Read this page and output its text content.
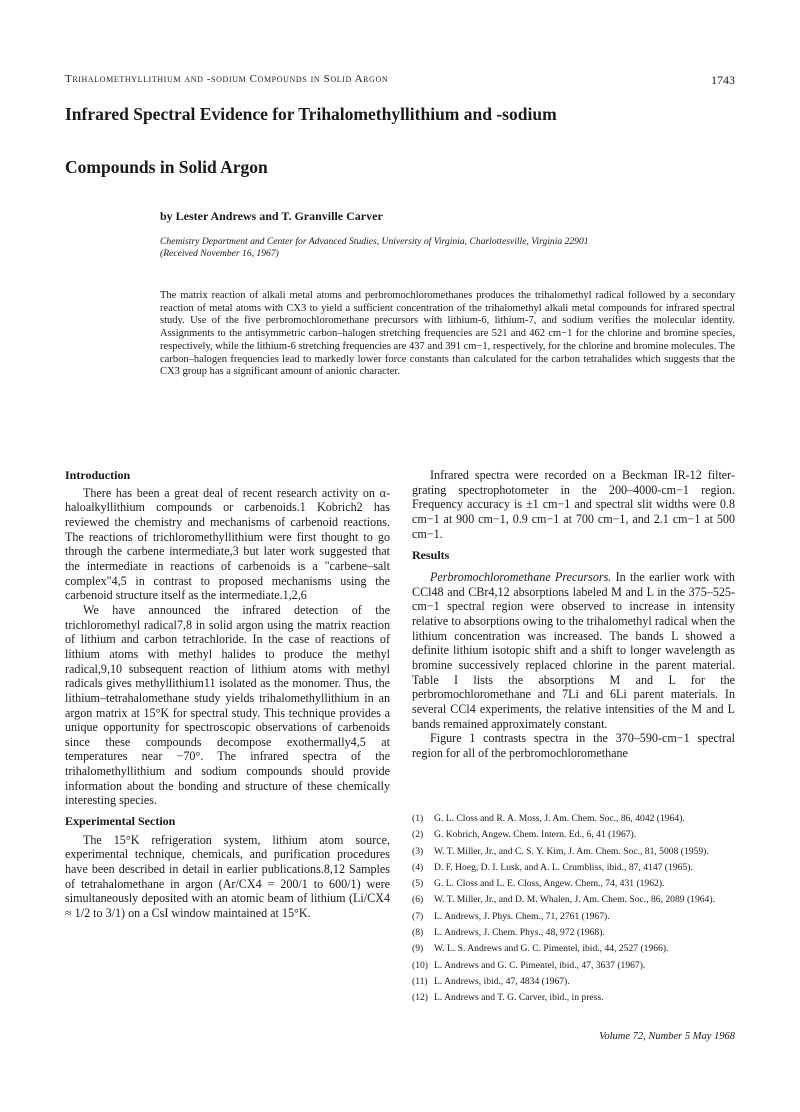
Trihalomethyllithium and -sodium Compounds in Solid Argon	1743
Infrared Spectral Evidence for Trihalomethyllithium and -sodium
Compounds in Solid Argon
by Lester Andrews and T. Granville Carver
Chemistry Department and Center for Advanced Studies, University of Virginia, Charlottesville, Virginia 22901
(Received November 16, 1967)
The matrix reaction of alkali metal atoms and perbromochloromethanes produces the trihalomethyl radical followed by a secondary reaction of metal atoms with CX3 to yield a sufficient concentration of the trihalomethyl alkali metal compounds for infrared spectral study. Use of the five perbromochloromethane precursors with lithium-6, lithium-7, and sodium verifies the molecular identity. Assignments to the antisymmetric carbon–halogen stretching frequencies are 521 and 462 cm−1 for the chlorine and bromine species, respectively, while the lithium-6 stretching frequencies are 437 and 391 cm−1, respectively, for the chlorine and bromine molecules. The carbon–halogen frequencies lead to markedly lower force constants than calculated for the carbon tetrahalides which suggests that the CX3 group has a significant amount of anionic character.
Introduction

There has been a great deal of recent research activity on α-haloalkyllithium compounds or carbenoids.1 Kobrich2 has reviewed the chemistry and mechanisms of carbenoid reactions. The reactions of trichloromethyllithium were first thought to go through the carbene intermediate,3 but later work suggested that the intermediate in reactions of carbenoids is a "carbene–salt complex"4,5 in contrast to proposed mechanisms using the carbenoid structure itself as the intermediate.1,2,6

We have announced the infrared detection of the trichloromethyl radical7,8 in solid argon using the matrix reaction of lithium and carbon tetrachloride. In the case of reactions of lithium atoms with methyl halides to produce the methyl radical,9,10 subsequent reaction of lithium atoms with methyl radicals gives methyllithium11 isolated as the monomer. Thus, the lithium–tetrahalomethane study yields trihalomethyllithium in an argon matrix at 15°K for spectral study. This technique provides a unique opportunity for spectroscopic observations of carbenoids since these compounds decompose exothermally4,5 at temperatures near −70°. The infrared spectra of the trihalomethyllithium and sodium compounds should provide information about the bonding and structure of these chemically interesting species.

Experimental Section

The 15°K refrigeration system, lithium atom source, experimental technique, chemicals, and purification procedures have been described in detail in earlier publications.8,12 Samples of tetrahalomethane in argon (Ar/CX4 = 200/1 to 600/1) were simultaneously deposited with an atomic beam of lithium (Li/CX4 ≈ 1/2 to 3/1) on a CsI window maintained at 15°K.

Infrared spectra were recorded on a Beckman IR-12 filter-grating spectrophotometer in the 200–4000-cm−1 region. Frequency accuracy is ±1 cm−1 and spectral slit widths were 0.8 cm−1 at 900 cm−1, 0.9 cm−1 at 700 cm−1, and 2.1 cm−1 at 500 cm−1.

Results

Perbromochloromethane Precursors. In the earlier work with CCl48 and CBr4,12 absorptions labeled M and L in the 375–525-cm−1 spectral region were observed to increase in intensity relative to absorptions owing to the trihalomethyl radical when the lithium concentration was increased. The bands L showed a definite lithium isotopic shift and a shift to longer wavelength as bromine successively replaced chlorine in the parent material. Table I lists the absorptions M and L for the perbromochloromethane and 7Li and 6Li parent materials. In several CCl4 experiments, the relative intensities of the M and L bands remained approximately constant.

Figure 1 contrasts spectra in the 370–590-cm−1 spectral region for all of the perbromochloromethane

(1)	G. L. Closs and R. A. Moss, J. Am. Chem. Soc., 86, 4042 (1964).
(2)	G. Kobrich, Angew. Chem. Intern. Ed., 6, 41 (1967).
(3)	W. T. Miller, Jr., and C. S. Y. Kim, J. Am. Chem. Soc., 81, 5008 (1959).
(4)	D. F. Hoeg, D. I. Lusk, and A. L. Crumbliss, ibid., 87, 4147 (1965).
(5)	G. L. Closs and L. E. Closs, Angew. Chem., 74, 431 (1962).
(6)	W. T. Miller, Jr., and D. M. Whalen, J. Am. Chem. Soc., 86, 2089 (1964).
(7)	L. Andrews, J. Phys. Chem., 71, 2761 (1967).
(8)	L. Andrews, J. Chem. Phys., 48, 972 (1968).
(9)	W. L. S. Andrews and G. C. Pimentel, ibid., 44, 2527 (1966).
(10) L. Andrews and G. C. Pimentel, ibid., 47, 3637 (1967).
(11) L. Andrews, ibid., 47, 4834 (1967).
(12) L. Andrews and T. G. Carver, ibid., in press.
Volume 72, Number 5 May 1968
